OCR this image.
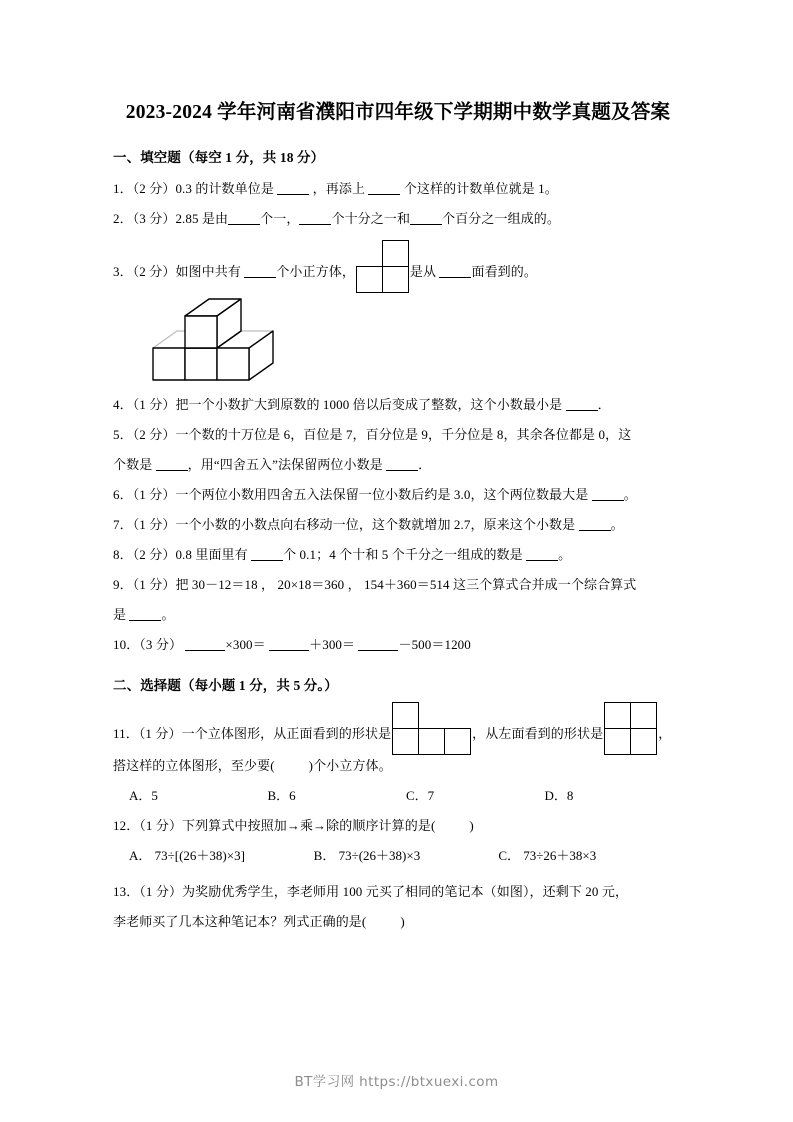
2023-2024 学年河南省濮阳市四年级下学期期中数学真题及答案
一、填空题（每空 1 分，共 18 分）
1．（2 分）0.3 的计数单位是	，再添上	个这样的计数单位就是 1。
2．（3 分）2.85 是由 个一， 个十分之一和 个百分之一组成的。
3．（2 分）如图中共有	个小正方体，	是从	面看到的。
4．（1 分）把一个小数扩大到原数的 1000 倍以后变成了整数，这个小数最小是	．
5．（2 分）一个数的十万位是 6，百位是 7，百分位是 9，千分位是 8，其余各位都是 0，这
个数是	，用“四舍五入”法保留两位小数是	．
6．（1 分）一个两位小数用四舍五入法保留一位小数后约是 3.0，这个两位数最大是	。
7．（1 分）一个小数的小数点向右移动一位，这个数就增加 2.7，原来这个小数是	。
8．（2 分）0.8 里面里有	个 0.1；4 个十和 5 个千分之一组成的数是	。
9．（1 分）把 30－12＝18 ， 20×18＝360 ， 154＋360＝514 这三个算式合并成一个综合算式
是	。
10．（3 分）	×300＝	＋300＝	－500＝1200
二、选择题（每小题 1 分，共 5 分。）
11．（1 分）一个立体图形，从正面看到的形状是	，从左面看到的形状是	，
搭这样的立体图形，至少要(	)个小立方体。
A．5	B．6	C．7	D．8
12．（1 分）下列算式中按照加→乘→除的顺序计算的是(	)
A． 73÷[(26＋38)×3]	B． 73÷(26＋38)×3	C． 73÷26＋38×3
13．（1 分）为奖励优秀学生，李老师用 100 元买了相同的笔记本（如图），还剩下 20 元，
李老师买了几本这种笔记本？列式正确的是(	)
BT学习网 https://btxuexi.com
